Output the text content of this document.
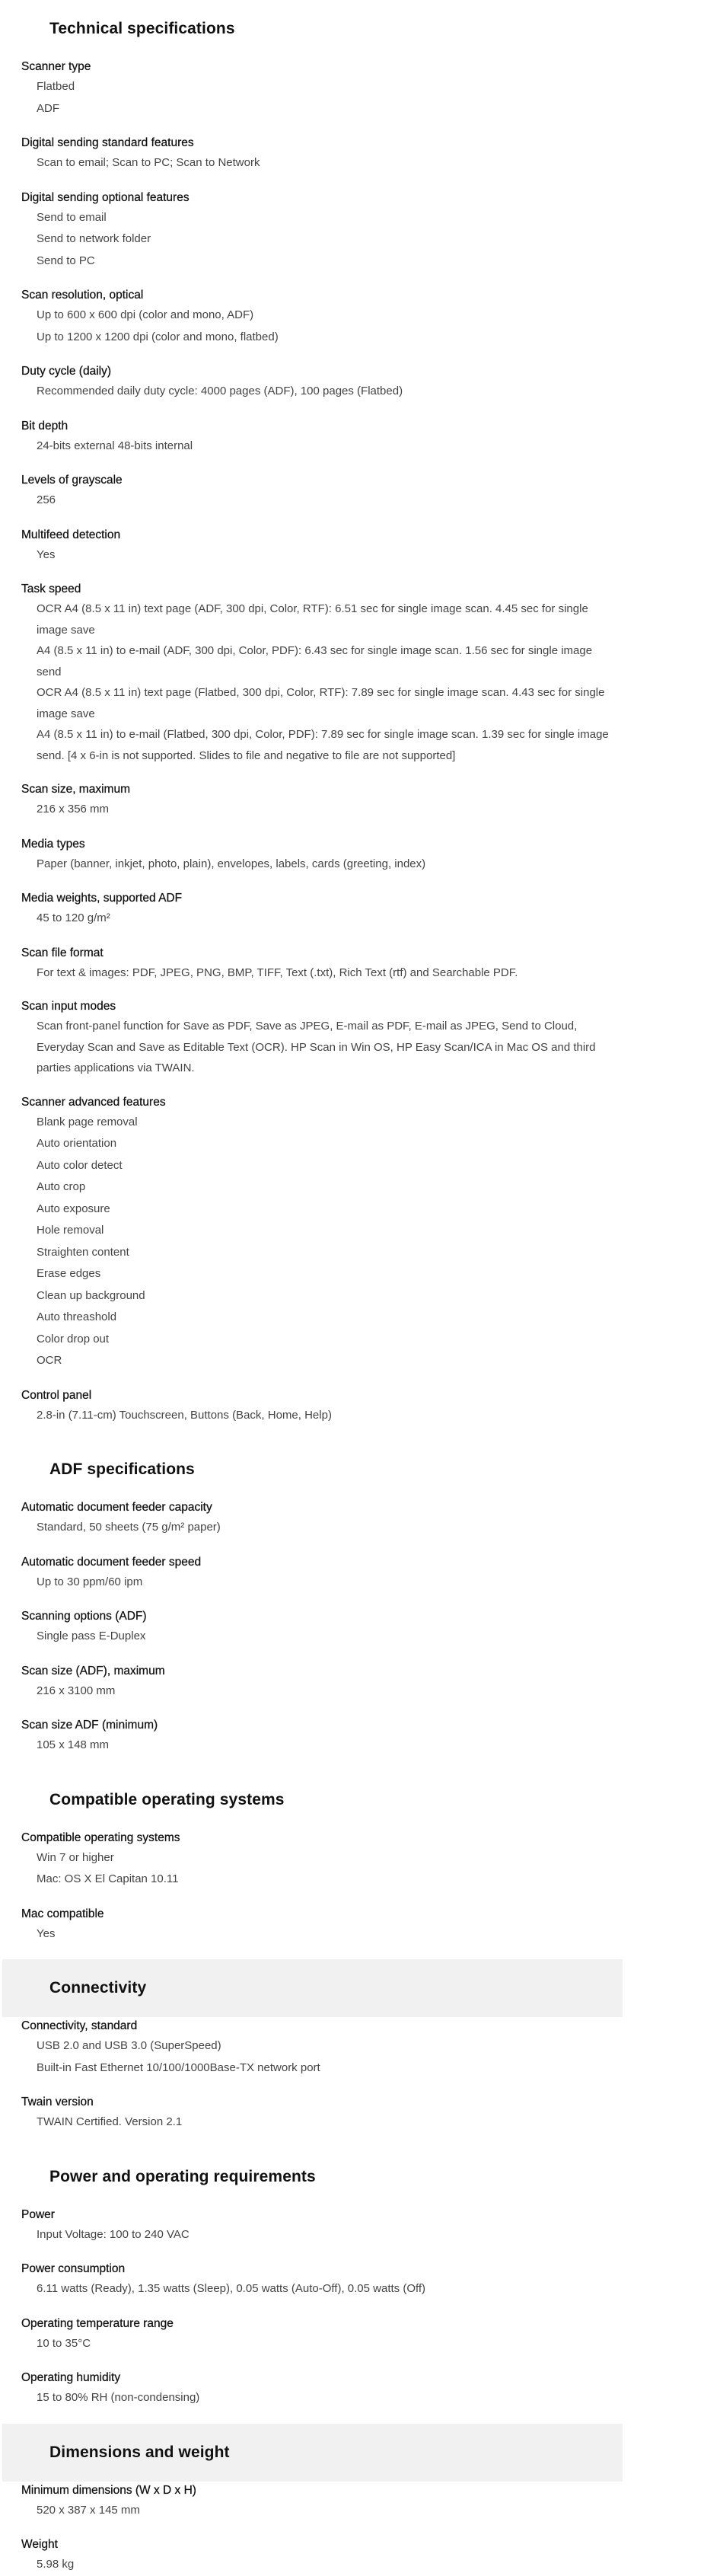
Technical specifications
Scanner type
Flatbed
ADF
Digital sending standard features
Scan to email; Scan to PC; Scan to Network
Digital sending optional features
Send to email
Send to network folder
Send to PC
Scan resolution, optical
Up to 600 x 600 dpi (color and mono, ADF)
Up to 1200 x 1200 dpi (color and mono, flatbed)
Duty cycle (daily)
Recommended daily duty cycle: 4000 pages (ADF), 100 pages (Flatbed)
Bit depth
24-bits external 48-bits internal
Levels of grayscale
256
Multifeed detection
Yes
Task speed
OCR A4 (8.5 x 11 in) text page (ADF, 300 dpi, Color, RTF): 6.51 sec for single image scan. 4.45 sec for single image save
A4 (8.5 x 11 in) to e-mail (ADF, 300 dpi, Color, PDF): 6.43 sec for single image scan. 1.56 sec for single image send
OCR A4 (8.5 x 11 in) text page (Flatbed, 300 dpi, Color, RTF): 7.89 sec for single image scan. 4.43 sec for single image save
A4 (8.5 x 11 in) to e-mail (Flatbed, 300 dpi, Color, PDF): 7.89 sec for single image scan. 1.39 sec for single image send. [4 x 6-in is not supported. Slides to file and negative to file are not supported]
Scan size, maximum
216 x 356 mm
Media types
Paper (banner, inkjet, photo, plain), envelopes, labels, cards (greeting, index)
Media weights, supported ADF
45 to 120 g/m²
Scan file format
For text & images: PDF, JPEG, PNG, BMP, TIFF, Text (.txt), Rich Text (rtf) and Searchable PDF.
Scan input modes
Scan front-panel function for Save as PDF, Save as JPEG, E-mail as PDF, E-mail as JPEG, Send to Cloud, Everyday Scan and Save as Editable Text (OCR). HP Scan in Win OS, HP Easy Scan/ICA in Mac OS and third parties applications via TWAIN.
Scanner advanced features
Blank page removal
Auto orientation
Auto color detect
Auto crop
Auto exposure
Hole removal
Straighten content
Erase edges
Clean up background
Auto threashold
Color drop out
OCR
Control panel
2.8-in (7.11-cm) Touchscreen, Buttons (Back, Home, Help)
ADF specifications
Automatic document feeder capacity
Standard, 50 sheets (75 g/m² paper)
Automatic document feeder speed
Up to 30 ppm/60 ipm
Scanning options (ADF)
Single pass E-Duplex
Scan size (ADF), maximum
216 x 3100 mm
Scan size ADF (minimum)
105 x 148 mm
Compatible operating systems
Compatible operating systems
Win 7 or higher
Mac: OS X El Capitan 10.11
Mac compatible
Yes
Connectivity
Connectivity, standard
USB 2.0 and USB 3.0 (SuperSpeed)
Built-in Fast Ethernet 10/100/1000Base-TX network port
Twain version
TWAIN Certified. Version 2.1
Power and operating requirements
Power
Input Voltage: 100 to 240 VAC
Power consumption
6.11 watts (Ready), 1.35 watts (Sleep), 0.05 watts (Auto-Off), 0.05 watts (Off)
Operating temperature range
10 to 35°C
Operating humidity
15 to 80% RH (non-condensing)
Dimensions and weight
Minimum dimensions (W x D x H)
520 x 387 x 145 mm
Weight
5.98 kg
